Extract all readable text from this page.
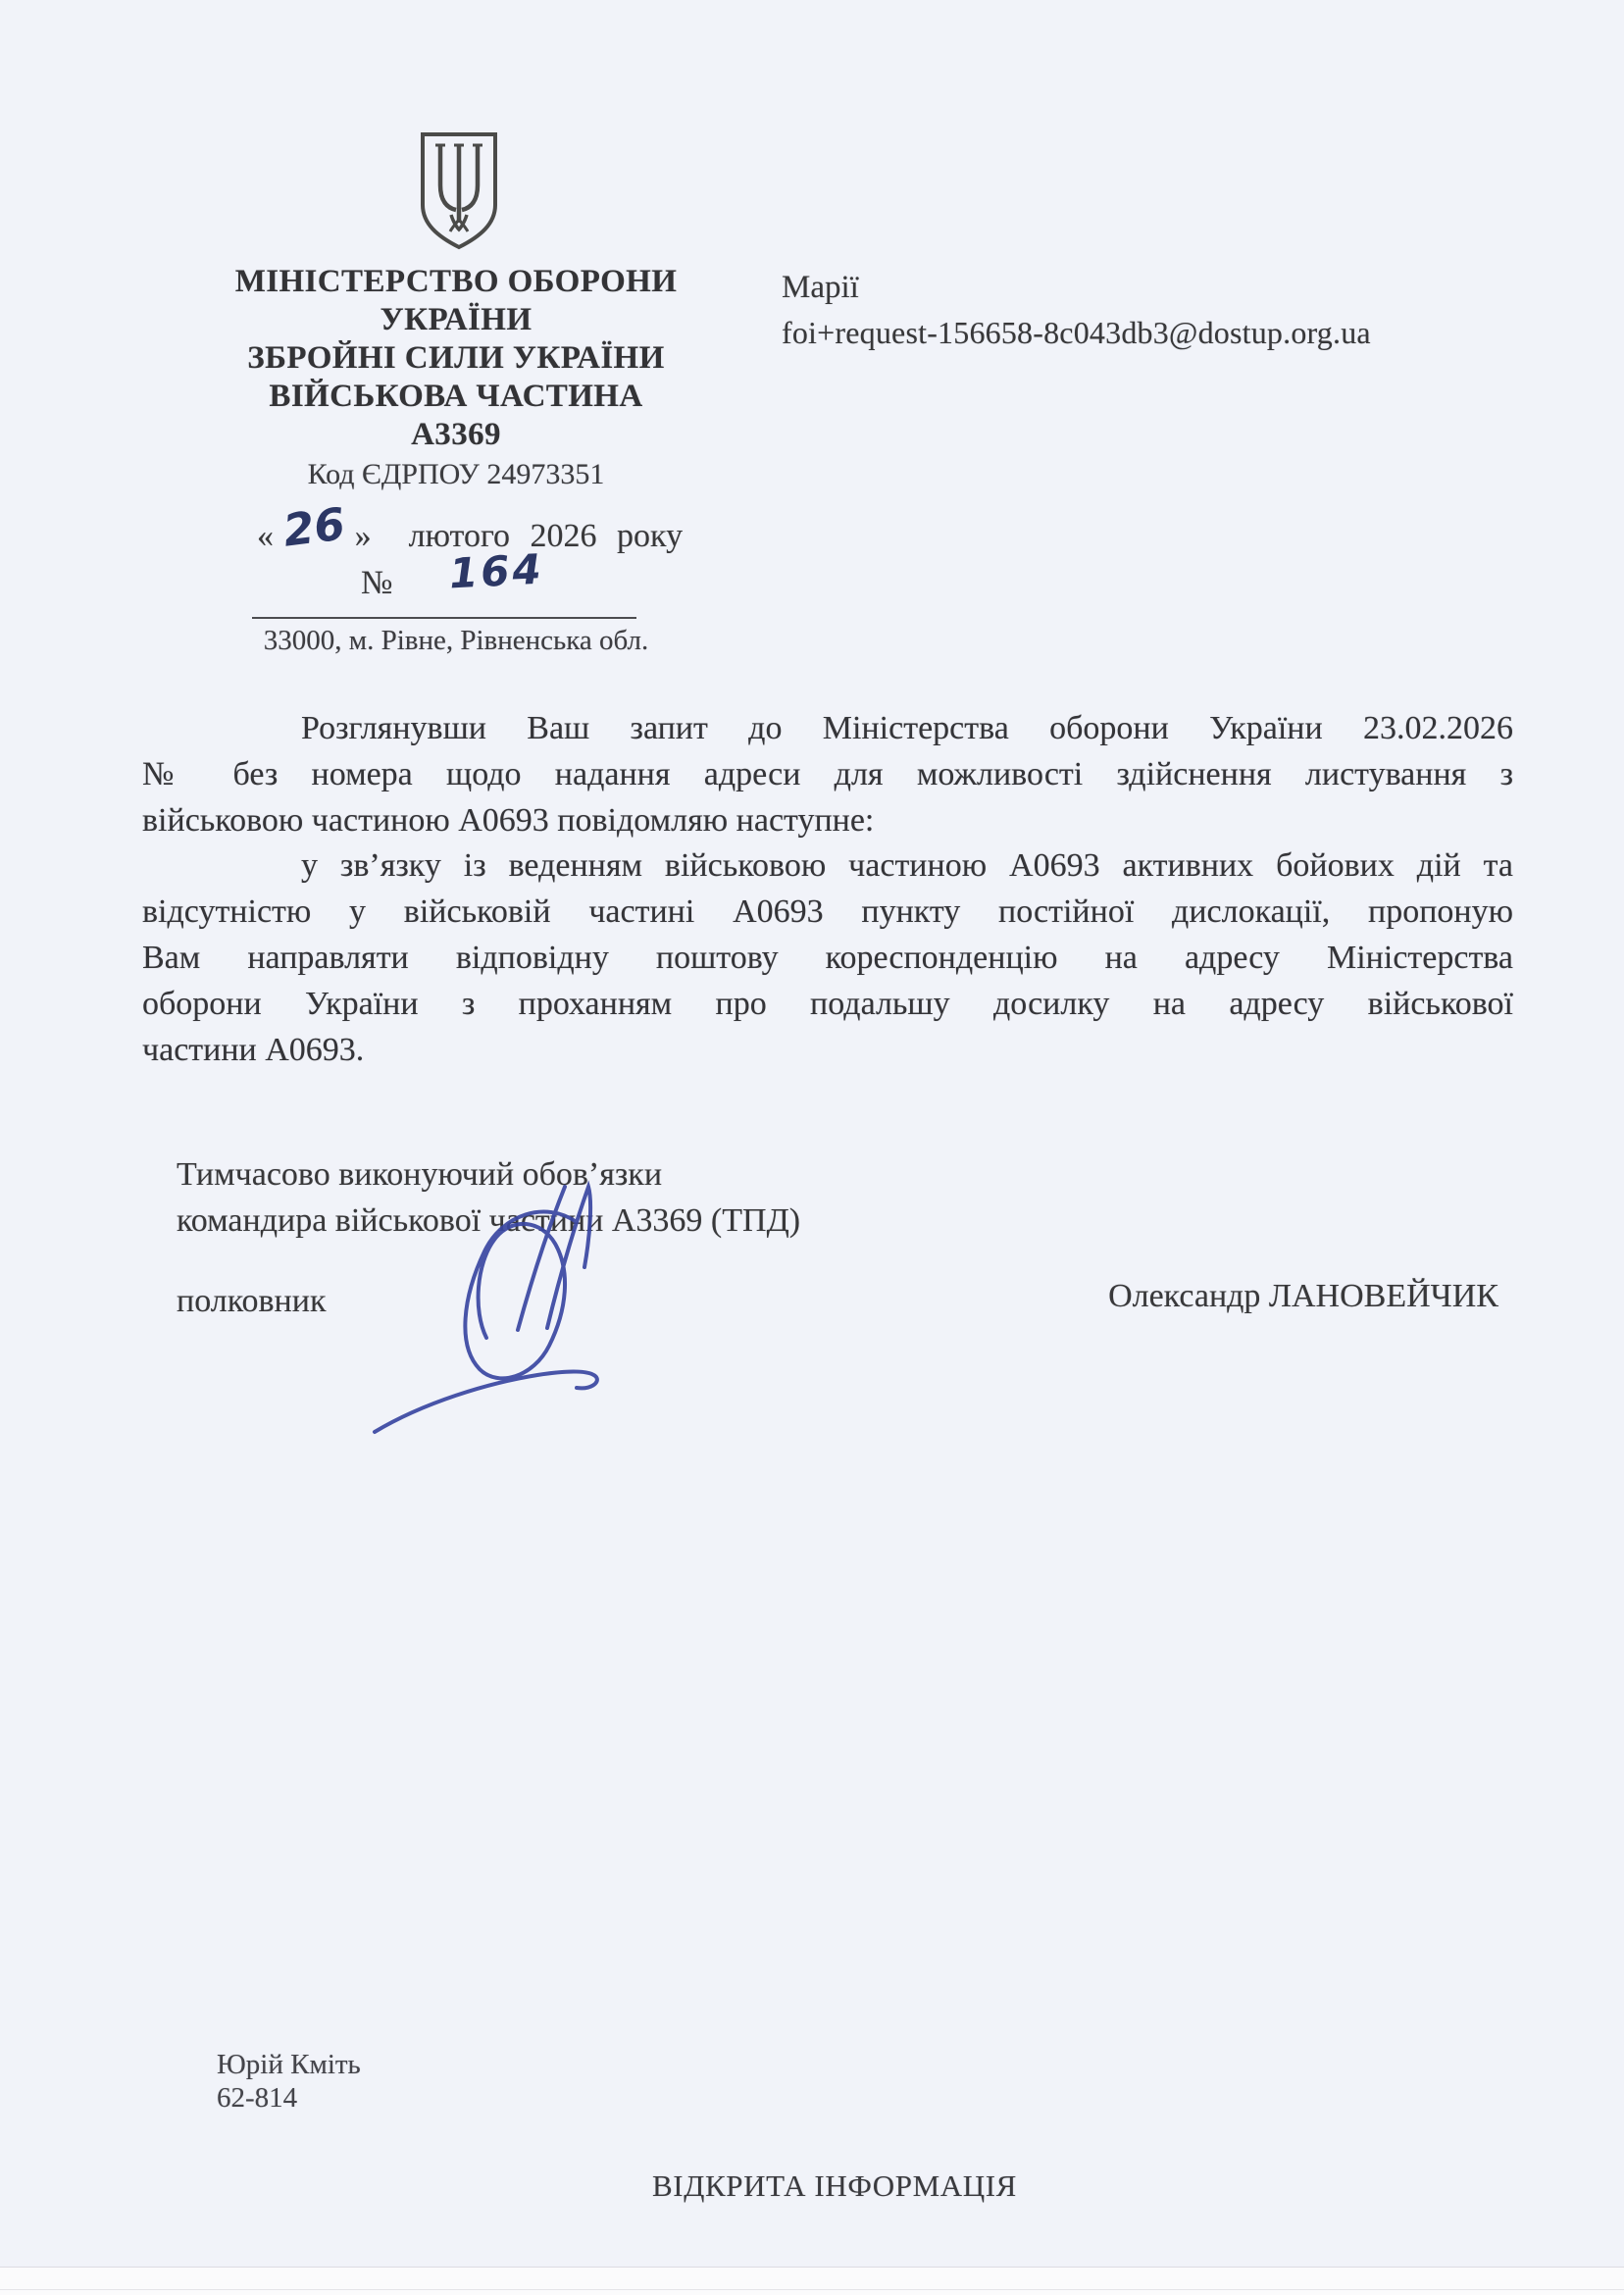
МІНІСТЕРСТВО ОБОРОНИ
УКРАЇНИ
ЗБРОЙНІ СИЛИ УКРАЇНИ
ВІЙСЬКОВА ЧАСТИНА
А3369
Код ЄДРПОУ 24973351
« 26 » лютого 2026 року
№ 164
33000, м. Рівне, Рівненська обл.
Марії
foi+request-156658-8c043db3@dostup.org.ua
Розглянувши Ваш запит до Міністерства оборони України 23.02.2026
№ без номера щодо надання адреси для можливості здійснення листування з
військовою частиною А0693 повідомляю наступне:
у зв’язку із веденням військовою частиною А0693 активних бойових дій та
відсутністю у військовій частині А0693 пункту постійної дислокації, пропоную
Вам направляти відповідну поштову кореспонденцію на адресу Міністерства
оборони України з проханням про подальшу досилку на адресу військової
частини А0693.
Тимчасово виконуючий обов’язки
командира військової частини А3369 (ТПД)
полковник	Олександр ЛАНОВЕЙЧИК
Юрій Кміть
62-814
ВІДКРИТА ІНФОРМАЦІЯ
